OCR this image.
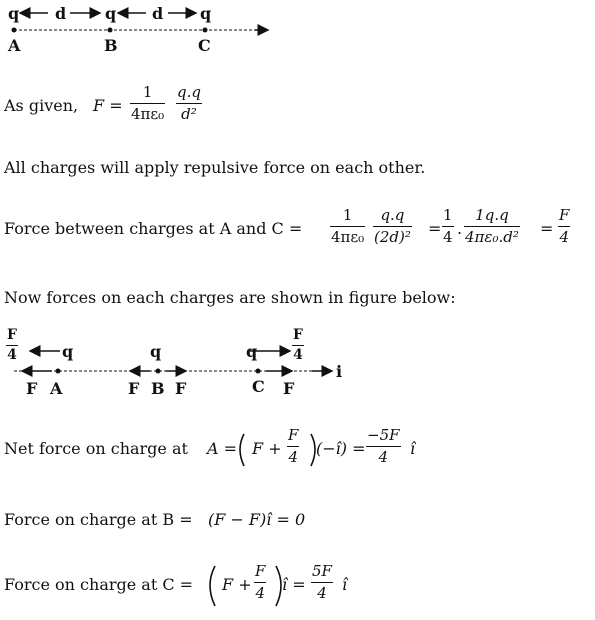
q d q d q
A	B	C
As given, F =
1
4πε₀
q.q
d²
All charges will apply repulsive force on each other.
Force between charges at A and C =
1
4πε₀
q.q
(2d)² =
1
4 .
1q.q
4πε₀.d² =
F
4
Now forces on each charges are shown in figure below:
F
4
F
4
q	q	q
i
F A	F B F	C F
Net force on charge at A = F +
F
4 (−î) =
−5F
4	î
Force on charge at B = (F − F)î = 0
Force on charge at C = F +
F
4 î =
5F
4 î
